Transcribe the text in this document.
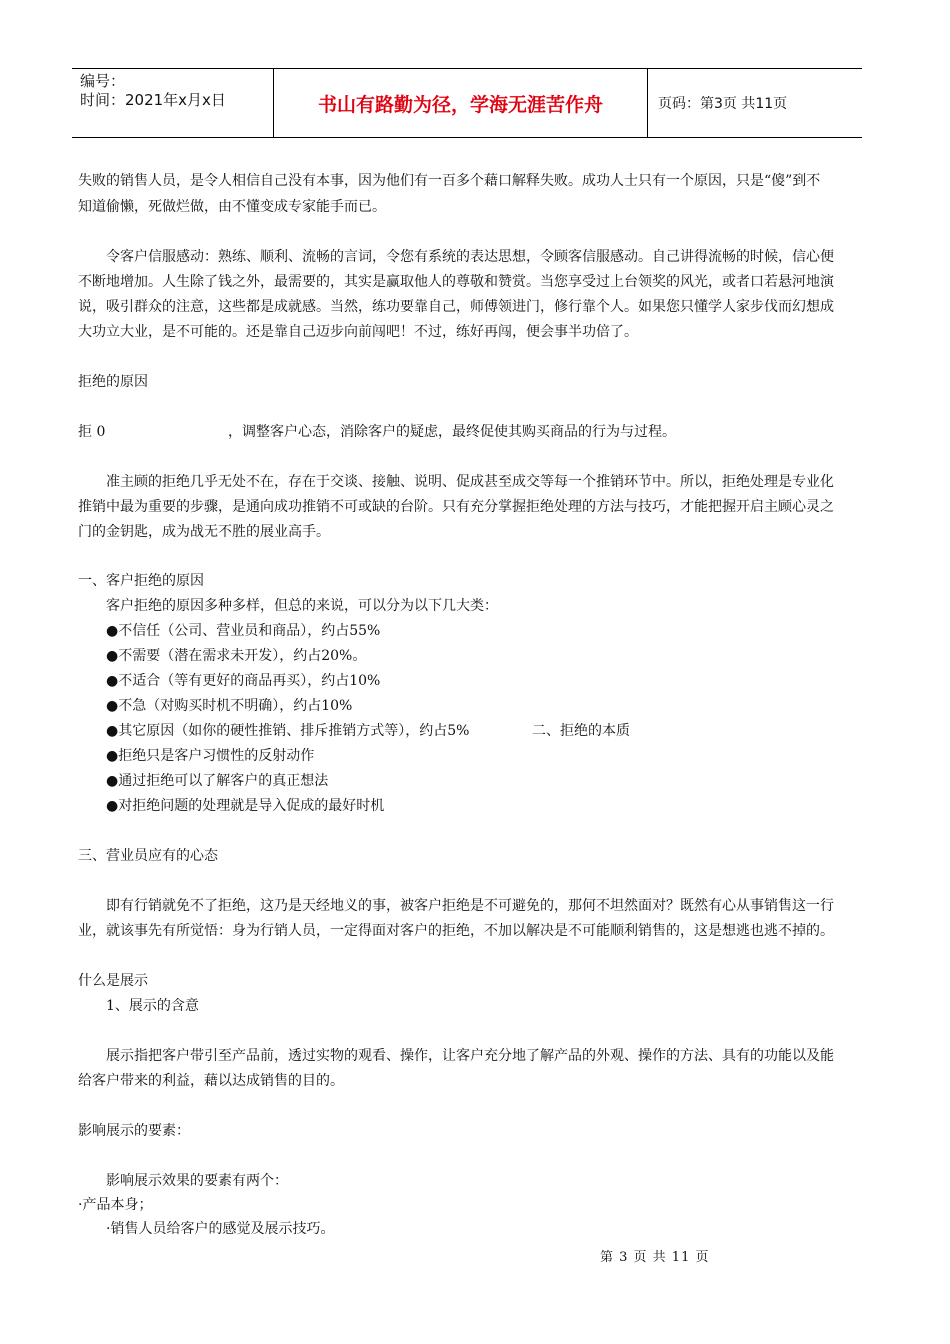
编号：
时间：2021年x月x日	书山有路勤为径，学海无涯苦作舟	页码：第3页 共11页
失败的销售人员，是令人相信自己没有本事，因为他们有一百多个藉口解释失败。成功人士只有一个原因，只是“傻”到不
知道偷懒，死做烂做，由不懂变成专家能手而已。
令客户信服感动：熟练、顺利、流畅的言词，令您有系统的表达思想，令顾客信服感动。自己讲得流畅的时候，信心便
不断地增加。人生除了钱之外，最需要的，其实是赢取他人的尊敬和赞赏。当您享受过上台领奖的风光，或者口若悬河地演
说，吸引群众的注意，这些都是成就感。当然，练功要靠自己，师傅领进门，修行靠个人。如果您只懂学人家步伐而幻想成
大功立大业，是不可能的。还是靠自己迈步向前闯吧！不过，练好再闯，便会事半功倍了。
拒绝的原因
拒 0	，调整客户心态，消除客户的疑虑，最终促使其购买商品的行为与过程。
准主顾的拒绝几乎无处不在，存在于交谈、接触、说明、促成甚至成交等每一个推销环节中。所以，拒绝处理是专业化
推销中最为重要的步骤，是通向成功推销不可或缺的台阶。只有充分掌握拒绝处理的方法与技巧，才能把握开启主顾心灵之
门的金钥匙，成为战无不胜的展业高手。
一、客户拒绝的原因
客户拒绝的原因多种多样，但总的来说，可以分为以下几大类：
●不信任（公司、营业员和商品），约占55%
●不需要（潜在需求未开发），约占20%。
●不适合（等有更好的商品再买），约占10%
●不急（对购买时机不明确），约占10%
●其它原因（如你的硬性推销、排斥推销方式等），约占5%	二、拒绝的本质
●拒绝只是客户习惯性的反射动作
●通过拒绝可以了解客户的真正想法
●对拒绝问题的处理就是导入促成的最好时机
三、营业员应有的心态
即有行销就免不了拒绝，这乃是天经地义的事，被客户拒绝是不可避免的，那何不坦然面对？既然有心从事销售这一行
业，就该事先有所觉悟：身为行销人员，一定得面对客户的拒绝，不加以解决是不可能顺利销售的，这是想逃也逃不掉的。
什么是展示
1、展示的含意
展示指把客户带引至产品前，透过实物的观看、操作，让客户充分地了解产品的外观、操作的方法、具有的功能以及能
给客户带来的利益，藉以达成销售的目的。
影响展示的要素：
影响展示效果的要素有两个：
·产品本身；
·销售人员给客户的感觉及展示技巧。
第 3 页 共 11 页
